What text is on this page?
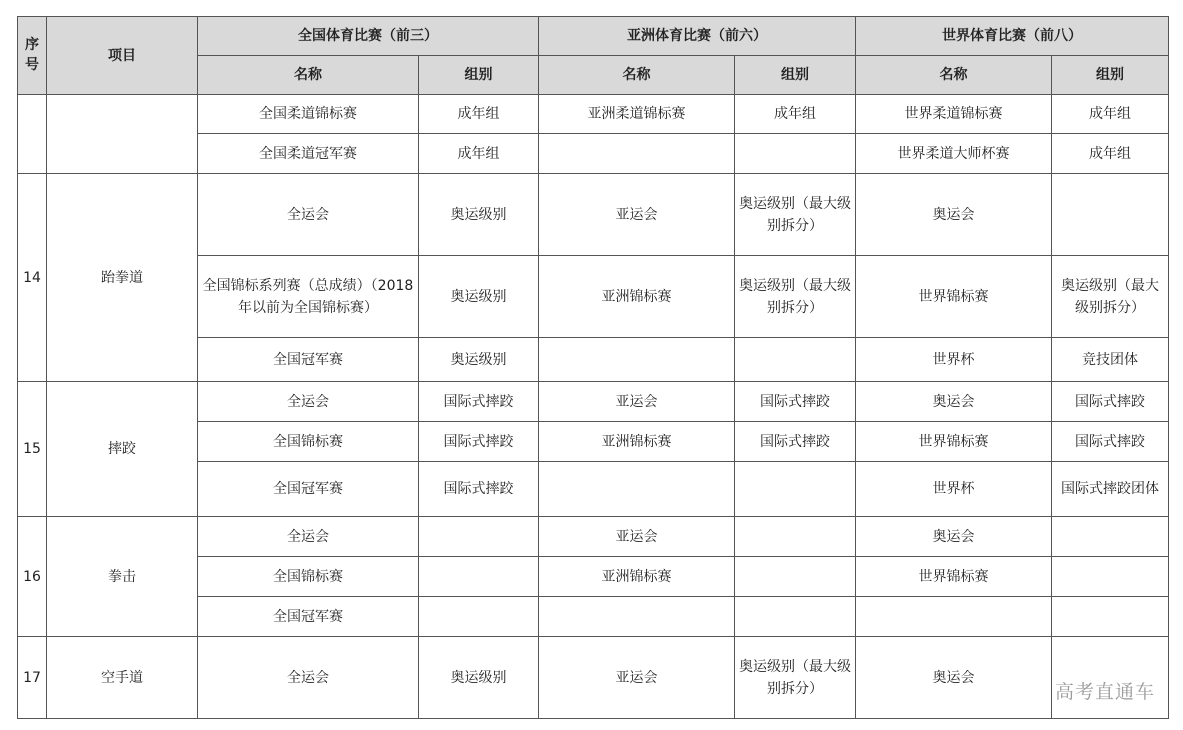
序号	项目	全国体育比赛（前三）		亚洲体育比赛（前六）		世界体育比赛（前八）	
		名称	组别	名称	组别	名称	组别
		全国柔道锦标赛	成年组	亚洲柔道锦标赛	成年组	世界柔道锦标赛	成年组
		全国柔道冠军赛	成年组			世界柔道大师杯赛	成年组
14	跆拳道	全运会	奥运级别	亚运会	奥运级别（最大级别拆分）	奥运会	
		全国锦标系列赛（总成绩）（2018 年以前为全国锦标赛）	奥运级别	亚洲锦标赛	奥运级别（最大级别拆分）	世界锦标赛	奥运级别（最大级别拆分）
		全国冠军赛	奥运级别			世界杯	竞技团体
15	摔跤	全运会	国际式摔跤	亚运会	国际式摔跤	奥运会	国际式摔跤
		全国锦标赛	国际式摔跤	亚洲锦标赛	国际式摔跤	世界锦标赛	国际式摔跤
		全国冠军赛	国际式摔跤			世界杯	国际式摔跤团体
16	拳击	全运会		亚运会		奥运会	
		全国锦标赛		亚洲锦标赛		世界锦标赛	
		全国冠军赛					
17	空手道	全运会	奥运级别	亚运会	奥运级别（最大级别拆分）	奥运会	
高考直通车
